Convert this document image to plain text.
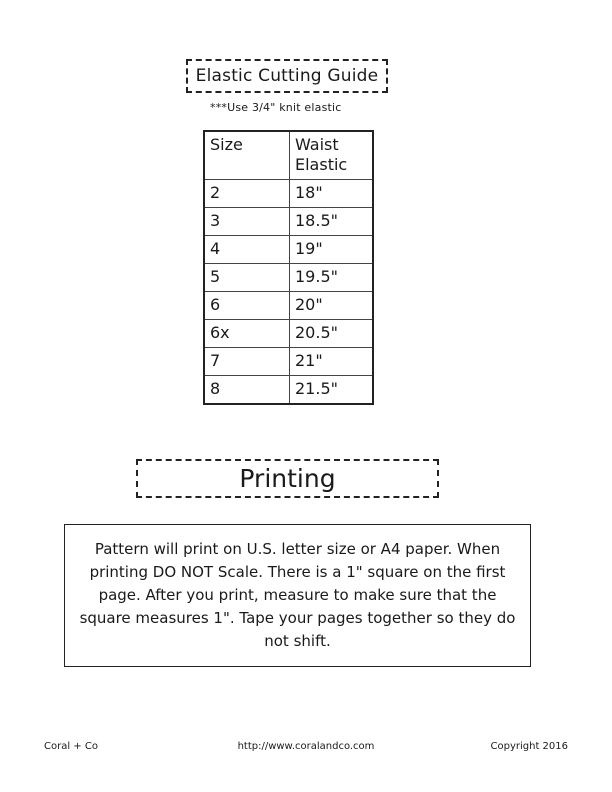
Elastic Cutting Guide
***Use 3/4" knit elastic
Size	Waist
Elastic
2	18"
3	18.5"
4	19"
5	19.5"
6	20"
6x	20.5"
7	21"
8	21.5"
Printing
Pattern will print on U.S. letter size or A4 paper. When printing DO NOT Scale. There is a 1" square on the first page. After you print, measure to make sure that the square measures 1". Tape your pages together so they do not shift.
Coral + Co	http://www.coralandco.com	Copyright 2016
